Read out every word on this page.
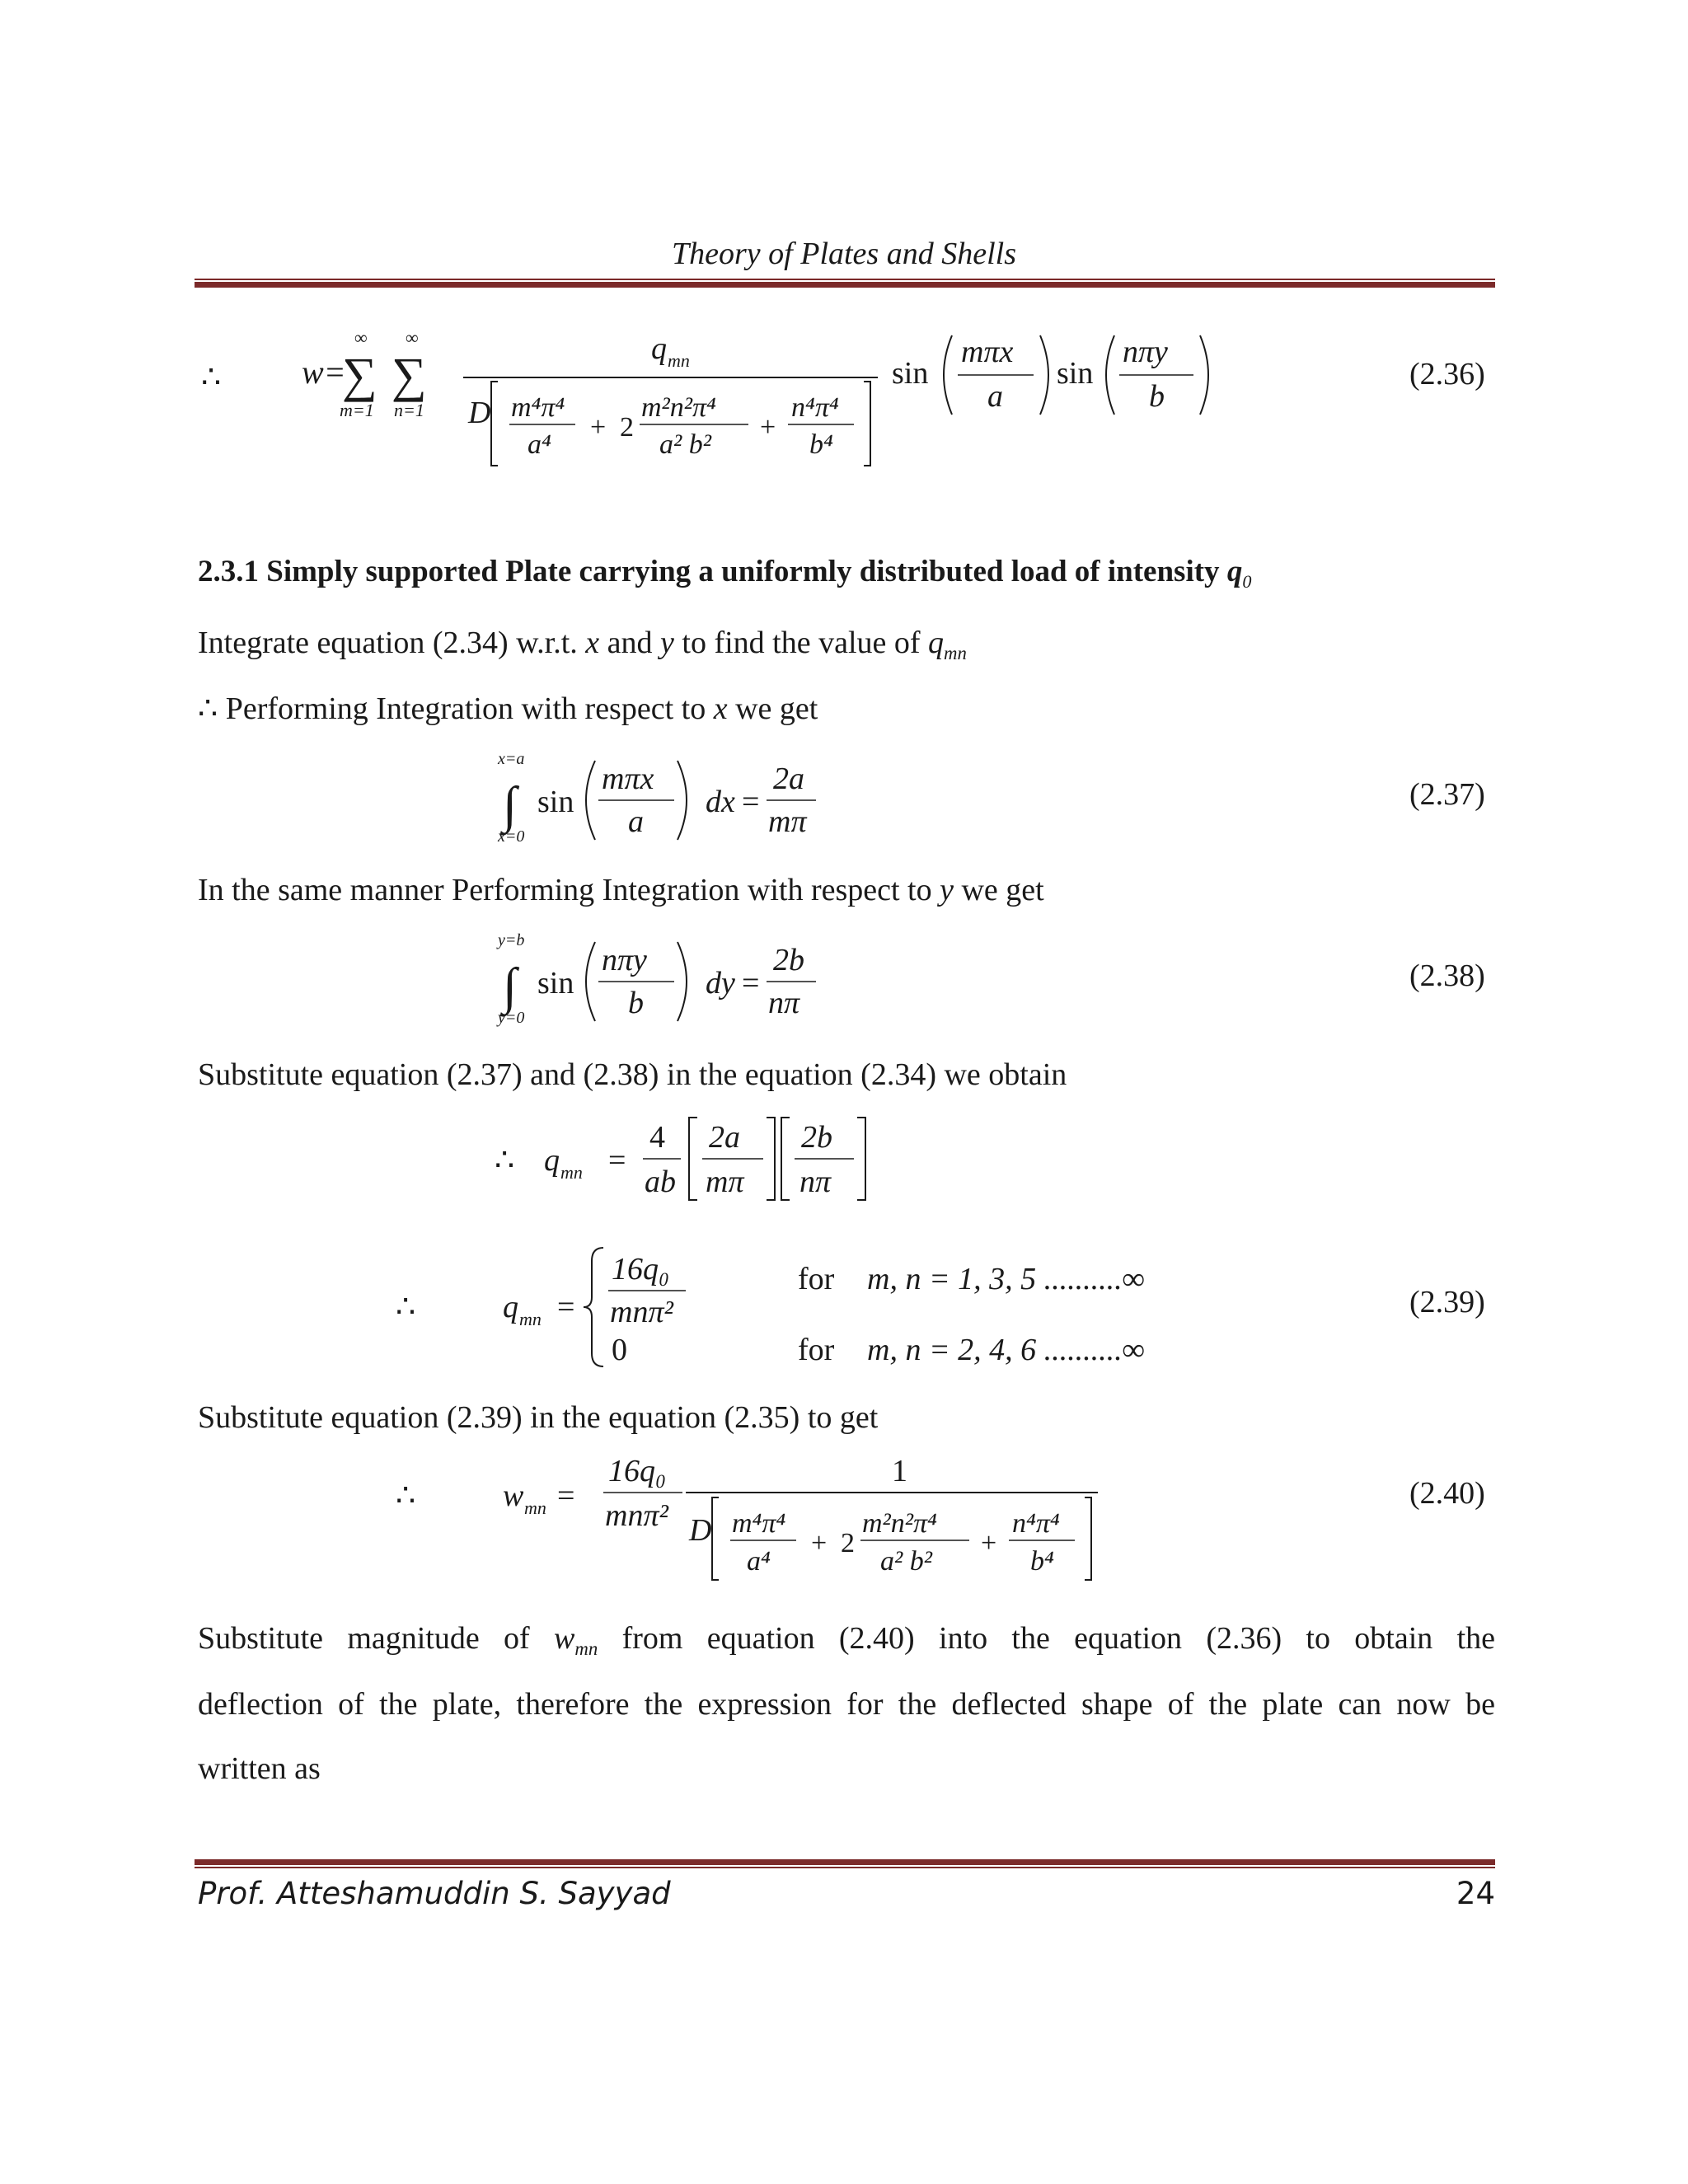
Theory of Plates and Shells
∴ w=
∞
∑
m=1
∞
∑
n=1
q mn
D m⁴π⁴
a⁴
+ 2
m²n²π⁴
a² b²
+
n⁴π⁴
b⁴
sin
mπx
a
sin
nπy
b
(2.36)
2.3.1 Simply supported Plate carrying a uniformly distributed load of intensity $q_0$
Integrate equation (2.34) w.r.t. x and y to find the value of $q_{mn}$
∴ Performing Integration with respect to x we get
x=a
∫
x=0
sin
mπx
a
dx =
2a
mπ
(2.37)
In the same manner Performing Integration with respect to y we get
y=b
∫
y=0
sin
nπy
b
dy =
2b
nπ
(2.38)
Substitute equation (2.37) and (2.38) in the equation (2.34) we obtain
∴ q mn =
4
ab
2a
mπ
2b
nπ
∴	q mn =
16q₀
mnπ²
for m, n = 1, 3, 5 ..........∞
0	for m, n = 2, 4, 6 ..........∞
(2.39)
Substitute equation (2.39) in the equation (2.35) to get
∴	w mn =
16q₀
mnπ²
1
D m⁴π⁴
a⁴
+ 2
m²n²π⁴
a² b²
+
n⁴π⁴
b⁴
(2.40)
Substitute magnitude of $w_{mn}$ from equation (2.40) into the equation (2.36) to obtain the
deflection of the plate, therefore the expression for the deflected shape of the plate can now be
written as
Prof. Atteshamuddin S. Sayyad	24
